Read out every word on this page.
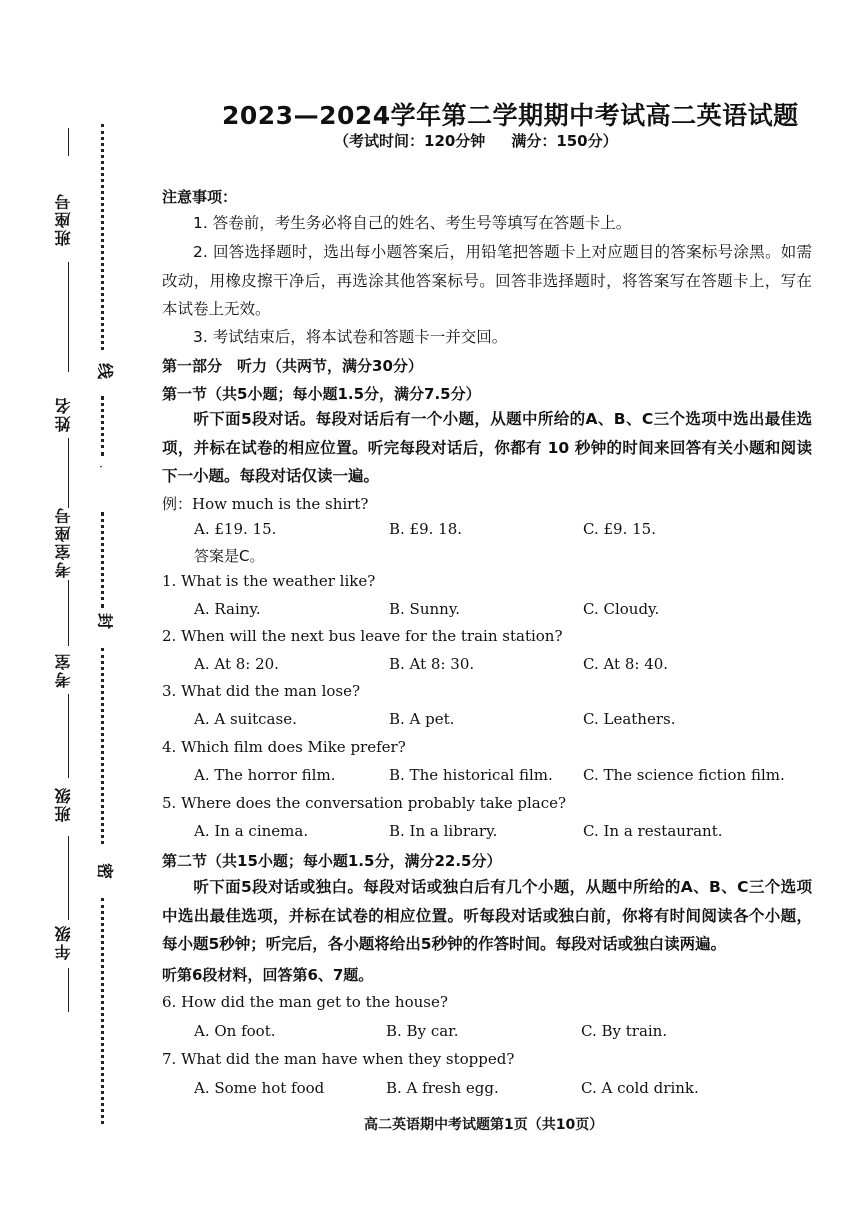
班座号
姓名
考室座号
考室
班级
年级
线
·
封
密
2023—2024学年第二学期期中考试高二英语试题
（考试时间：120分钟 满分：150分）
注意事项：
1. 答卷前，考生务必将自己的姓名、考生号等填写在答题卡上。
2. 回答选择题时，选出每小题答案后，用铅笔把答题卡上对应题目的答案标号涂黑。如需改动，用橡皮擦干净后，再选涂其他答案标号。回答非选择题时，将答案写在答题卡上，写在本试卷上无效。
3. 考试结束后，将本试卷和答题卡一并交回。
第一部分　听力（共两节，满分30分）
第一节（共5小题；每小题1.5分，满分7.5分）
听下面5段对话。每段对话后有一个小题，从题中所给的A、B、C三个选项中选出最佳选项，并标在试卷的相应位置。听完每段对话后，你都有 10 秒钟的时间来回答有关小题和阅读下一小题。每段对话仅读一遍。
例：How much is the shirt?
A. £19. 15.	B. £9. 18.	C. £9. 15.
答案是C。
1. What is the weather like?
A. Rainy.	B. Sunny.	C. Cloudy.
2. When will the next bus leave for the train station?
A. At 8: 20.	B. At 8: 30.	C. At 8: 40.
3. What did the man lose?
A. A suitcase.	B. A pet.	C. Leathers.
4. Which film does Mike prefer?
A. The horror film.	B. The historical film. C. The science fiction film.
5. Where does the conversation probably take place?
A. In a cinema.	B. In a library.	C. In a restaurant.
第二节（共15小题；每小题1.5分，满分22.5分）
听下面5段对话或独白。每段对话或独白后有几个小题，从题中所给的A、B、C三个选项中选出最佳选项，并标在试卷的相应位置。听每段对话或独白前，你将有时间阅读各个小题，每小题5秒钟；听完后，各小题将给出5秒钟的作答时间。每段对话或独白读两遍。
听第6段材料，回答第6、7题。
6. How did the man get to the house?
A. On foot.	B. By car.	C. By train.
7. What did the man have when they stopped?
A. Some hot food	B. A fresh egg.	C. A cold drink.
高二英语期中考试题第1页（共10页）
